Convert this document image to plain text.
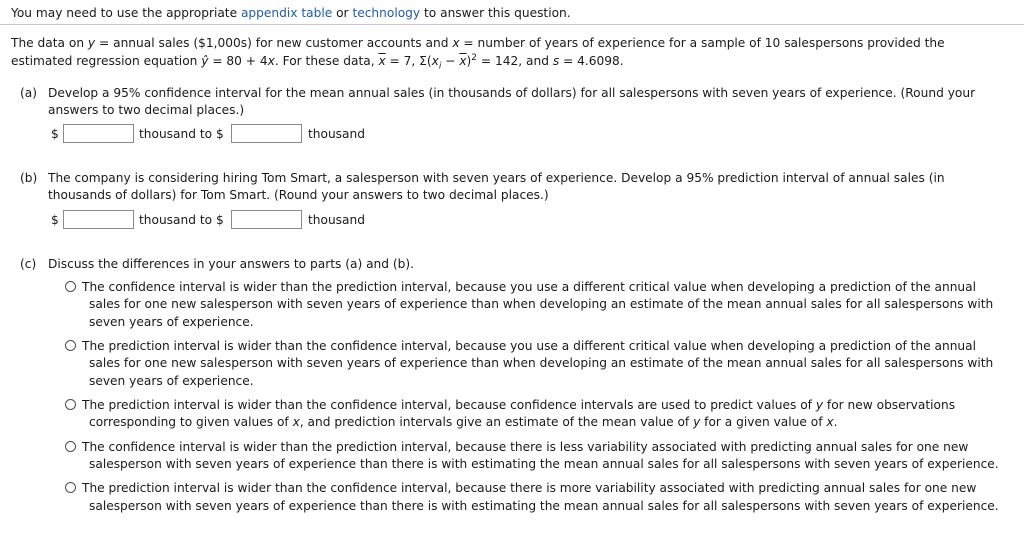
You may need to use the appropriate appendix table or technology to answer this question.
The data on y = annual sales ($1,000s) for new customer accounts and x = number of years of experience for a sample of 10 salespersons provided the
estimated regression equation ŷ = 80 + 4x. For these data, $\overline{x} = 7$, $\Sigma(x_i - \overline{x})^2 = 142$, and s = 4.6098.
(a) Develop a 95% confidence interval for the mean annual sales (in thousands of dollars) for all salespersons with seven years of experience. (Round your
answers to two decimal places.)
$	thousand to $	thousand
(b) The company is considering hiring Tom Smart, a salesperson with seven years of experience. Develop a 95% prediction interval of annual sales (in
thousands of dollars) for Tom Smart. (Round your answers to two decimal places.)
$	thousand to $	thousand
(c) Discuss the differences in your answers to parts (a) and (b).
The confidence interval is wider than the prediction interval, because you use a different critical value when developing a prediction of the annual
sales for one new salesperson with seven years of experience than when developing an estimate of the mean annual sales for all salespersons with
seven years of experience.
The prediction interval is wider than the confidence interval, because you use a different critical value when developing a prediction of the annual
sales for one new salesperson with seven years of experience than when developing an estimate of the mean annual sales for all salespersons with
seven years of experience.
The prediction interval is wider than the confidence interval, because confidence intervals are used to predict values of y for new observations
corresponding to given values of x, and prediction intervals give an estimate of the mean value of y for a given value of x.
The confidence interval is wider than the prediction interval, because there is less variability associated with predicting annual sales for one new
salesperson with seven years of experience than there is with estimating the mean annual sales for all salespersons with seven years of experience.
The prediction interval is wider than the confidence interval, because there is more variability associated with predicting annual sales for one new
salesperson with seven years of experience than there is with estimating the mean annual sales for all salespersons with seven years of experience.
